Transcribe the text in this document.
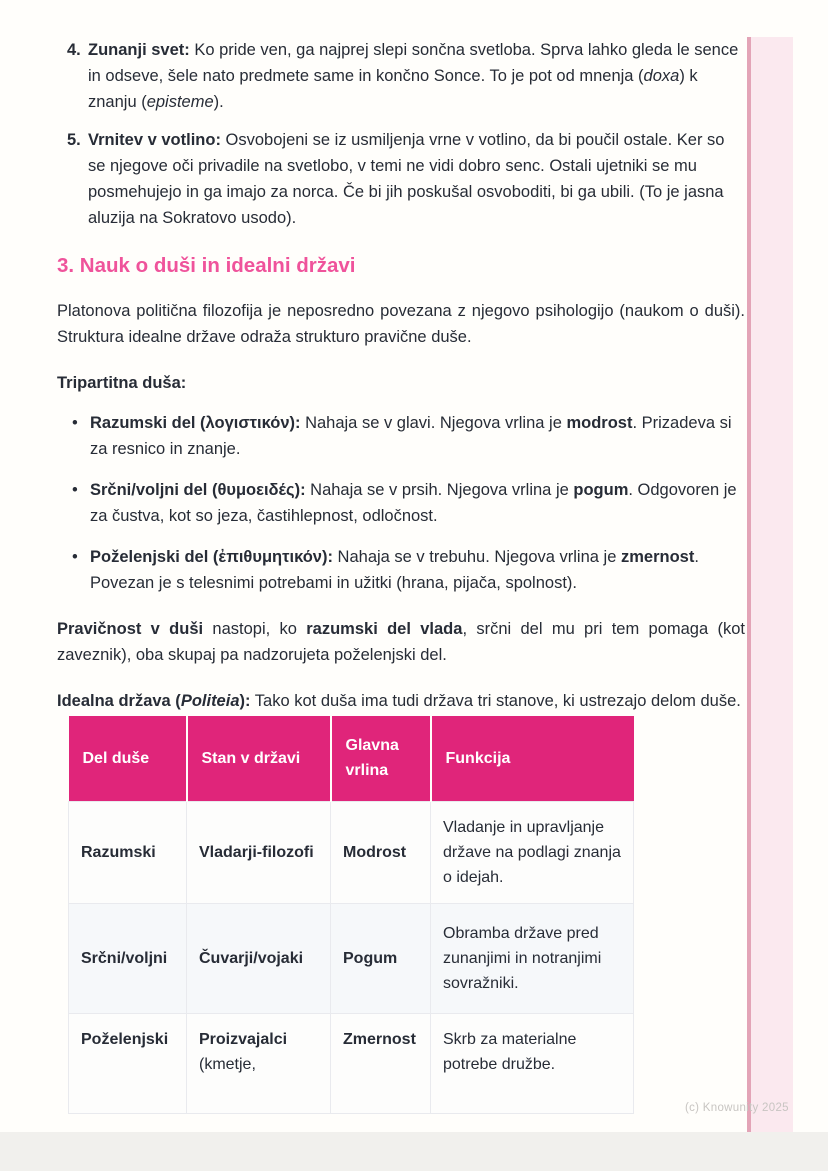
4. Zunanji svet: Ko pride ven, ga najprej slepi sončna svetloba. Sprva lahko gleda le sence in odseve, šele nato predmete same in končno Sonce. To je pot od mnenja (doxa) k znanju (episteme).
5. Vrnitev v votlino: Osvobojeni se iz usmiljenja vrne v votlino, da bi poučil ostale. Ker so se njegove oči privadile na svetlobo, v temi ne vidi dobro senc. Ostali ujetniki se mu posmehujejo in ga imajo za norca. Če bi jih poskušal osvoboditi, bi ga ubili. (To je jasna aluzija na Sokratovo usodo).
3. Nauk o duši in idealni državi

Platonova politična filozofija je neposredno povezana z njegovo psihologijo (naukom o duši). Struktura idealne države odraža strukturo pravične duše.

Tripartitna duša:

• Razumski del (λογιστικόν): Nahaja se v glavi. Njegova vrlina je modrost. Prizadeva si za resnico in znanje.
• Srčni/voljni del (θυμοειδές): Nahaja se v prsih. Njegova vrlina je pogum. Odgovoren je za čustva, kot so jeza, častihlepnost, odločnost.
• Poželenjski del (ἐπιθυμητικόν): Nahaja se v trebuhu. Njegova vrlina je zmernost. Povezan je s telesnimi potrebami in užitki (hrana, pijača, spolnost).

Pravičnost v duši nastopi, ko razumski del vlada, srčni del mu pri tem pomaga (kot zaveznik), oba skupaj pa nadzorujeta poželenjski del.

Idealna država (Politeia): Tako kot duša ima tudi država tri stanove, ki ustrezajo delom duše.

Del duše	Stan v državi	Glavna vrlina	Funkcija
Razumski	Vladarji-filozofi	Modrost	Vladanje in upravljanje države na podlagi znanja o idejah.
Srčni/voljni	Čuvarji/vojaki	Pogum	Obramba države pred zunanjimi in notranjimi sovražniki.
Poželenjski	Proizvajalci (kmetje,	Zmernost	Skrb za materialne potrebe družbe.
(c) Knowunity 2025
